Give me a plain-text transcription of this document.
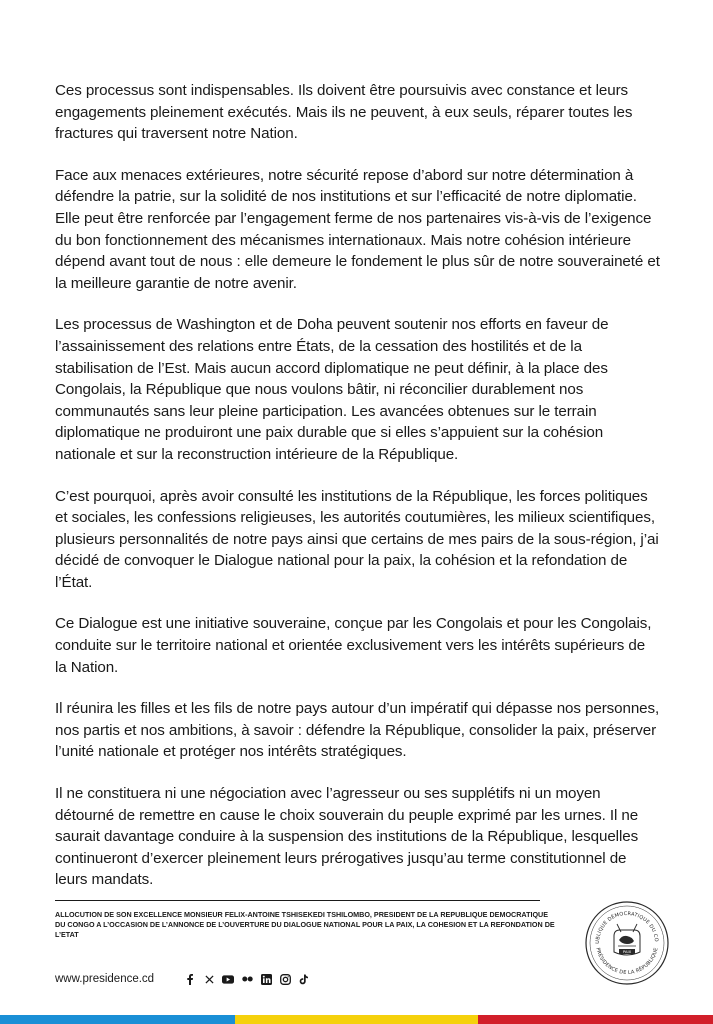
Ces processus sont indispensables. Ils doivent être poursuivis avec constance et leurs engagements pleinement exécutés. Mais ils ne peuvent, à eux seuls, réparer toutes les fractures qui traversent notre Nation.

Face aux menaces extérieures, notre sécurité repose d’abord sur notre détermination à défendre la patrie, sur la solidité de nos institutions et sur l’efficacité de notre diplomatie. Elle peut être renforcée par l’engagement ferme de nos partenaires vis-à-vis de l’exigence du bon fonctionnement des mécanismes internationaux. Mais notre cohésion intérieure dépend avant tout de nous : elle demeure le fondement le plus sûr de notre souveraineté et la meilleure garantie de notre avenir.

Les processus de Washington et de Doha peuvent soutenir nos efforts en faveur de l’assainissement des relations entre États, de la cessation des hostilités et de la stabilisation de l’Est. Mais aucun accord diplomatique ne peut définir, à la place des Congolais, la République que nous voulons bâtir, ni réconcilier durablement nos communautés sans leur pleine participation. Les avancées obtenues sur le terrain diplomatique ne produiront une paix durable que si elles s’appuient sur la cohésion nationale et sur la reconstruction intérieure de la République.

C’est pourquoi, après avoir consulté les institutions de la République, les forces politiques et sociales, les confessions religieuses, les autorités coutumières, les milieux scientifiques, plusieurs personnalités de notre pays ainsi que certains de mes pairs de la sous-région, j’ai décidé de convoquer le Dialogue national pour la paix, la cohésion et la refondation de l’État.

Ce Dialogue est une initiative souveraine, conçue par les Congolais et pour les Congolais, conduite sur le territoire national et orientée exclusivement vers les intérêts supérieurs de la Nation.

Il réunira les filles et les fils de notre pays autour d’un impératif qui dépasse nos personnes, nos partis et nos ambitions, à savoir : défendre la République, consolider la paix, préserver l’unité nationale et protéger nos intérêts stratégiques.

Il ne constituera ni une négociation avec l’agresseur ou ses supplétifs ni un moyen détourné de remettre en cause le choix souverain du peuple exprimé par les urnes. Il ne saurait davantage conduire à la suspension des institutions de la République, lesquelles continueront d’exercer pleinement leurs prérogatives jusqu’au terme constitutionnel de leurs mandats.

ALLOCUTION DE SON EXCELLENCE MONSIEUR FELIX-ANTOINE TSHISEKEDI TSHILOMBO, PRESIDENT DE LA REPUBLIQUE DEMOCRATIQUE DU CONGO A L’OCCASION DE L’ANNONCE DE L’OUVERTURE DU DIALOGUE NATIONAL POUR LA PAIX, LA COHESION ET LA REFONDATION DE L’ETAT
www.presidence.cd
UBLIQUE DÉMOCRATIQUE DU CO
PRÉSIDENCE DE LA RÉPUBLIQUE
PAIX
